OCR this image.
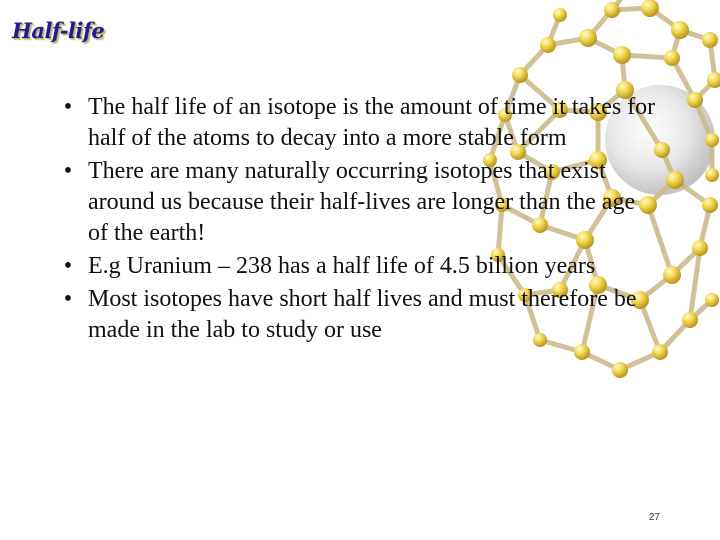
Half-life
• The half life of an isotope is the amount of time it takes for half of the atoms to decay into a more stable form
• There are many naturally occurring isotopes that exist around us because their half-lives are longer than the age of the earth!
• E.g Uranium – 238 has a half life of 4.5 billion years
• Most isotopes have short half lives and must therefore be made in the lab to study or use
27
